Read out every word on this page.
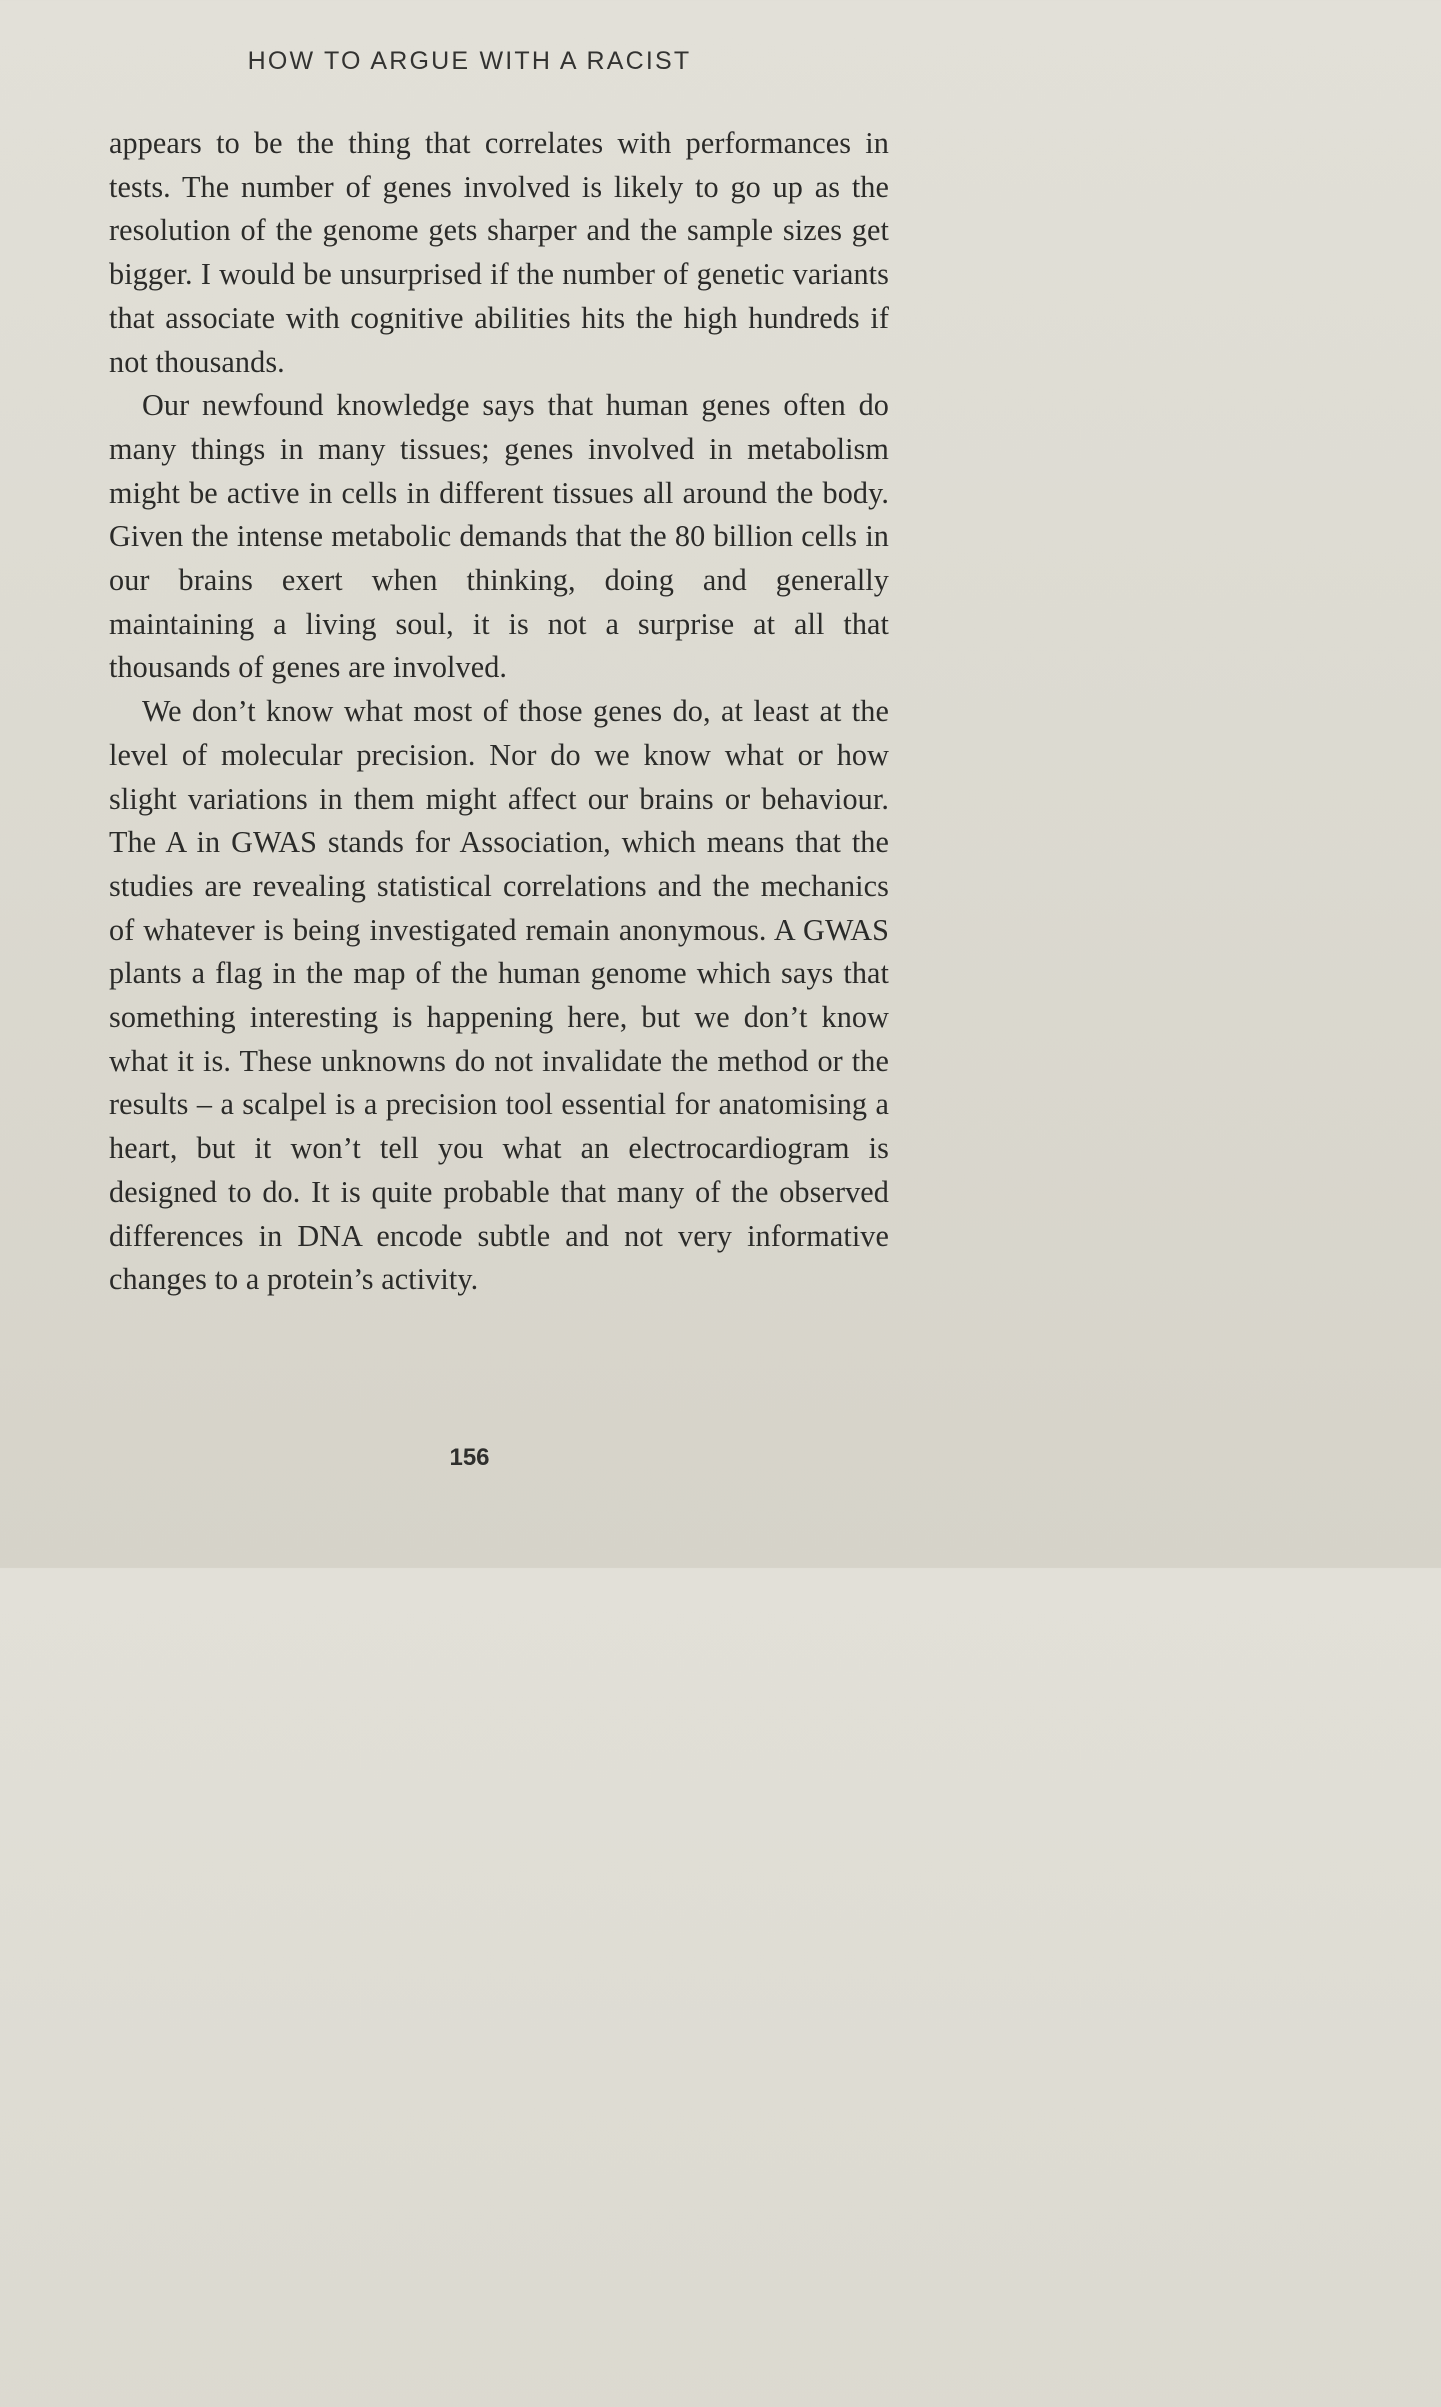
HOW TO ARGUE WITH A RACIST

appears to be the thing that correlates with performances in tests. The number of genes involved is likely to go up as the resolution of the genome gets sharper and the sample sizes get bigger. I would be unsurprised if the number of genetic variants that associate with cognitive abilities hits the high hundreds if not thousands.

Our newfound knowledge says that human genes often do many things in many tissues; genes involved in metabolism might be active in cells in different tissues all around the body. Given the intense metabolic demands that the 80 billion cells in our brains exert when thinking, doing and generally maintaining a living soul, it is not a surprise at all that thousands of genes are involved.

We don’t know what most of those genes do, at least at the level of molecular precision. Nor do we know what or how slight variations in them might affect our brains or behaviour. The A in GWAS stands for Association, which means that the studies are revealing statistical correlations and the mechanics of whatever is being investigated remain anonymous. A GWAS plants a flag in the map of the human genome which says that something interesting is happening here, but we don’t know what it is. These unknowns do not invalidate the method or the results – a scalpel is a precision tool essential for anatomising a heart, but it won’t tell you what an electrocardiogram is designed to do. It is quite probable that many of the observed differences in DNA encode subtle and not very informative changes to a protein’s activity.

156
